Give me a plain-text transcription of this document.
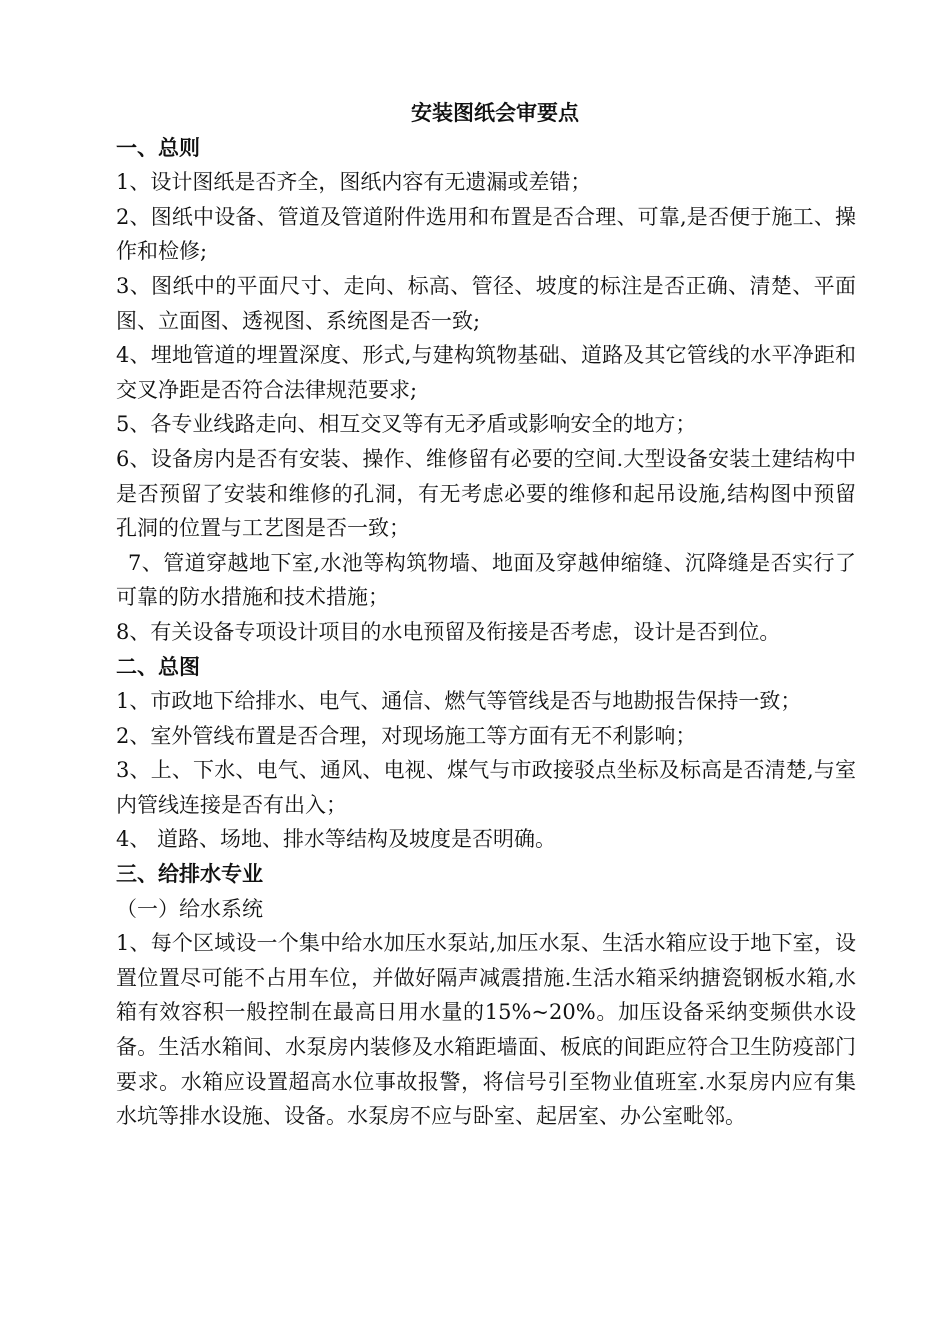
安装图纸会审要点
一、总则

1、设计图纸是否齐全，图纸内容有无遗漏或差错；

2、图纸中设备、管道及管道附件选用和布置是否合理、可靠,是否便于施工、操作和检修;

3、图纸中的平面尺寸、走向、标高、管径、坡度的标注是否正确、清楚、平面图、立面图、透视图、系统图是否一致;

4、埋地管道的埋置深度、形式,与建构筑物基础、道路及其它管线的水平净距和交叉净距是否符合法律规范要求;

5、各专业线路走向、相互交叉等有无矛盾或影响安全的地方；

6、设备房内是否有安装、操作、维修留有必要的空间.大型设备安装土建结构中是否预留了安装和维修的孔洞，有无考虑必要的维修和起吊设施,结构图中预留孔洞的位置与工艺图是否一致；

7、管道穿越地下室,水池等构筑物墙、地面及穿越伸缩缝、沉降缝是否实行了可靠的防水措施和技术措施；

8、有关设备专项设计项目的水电预留及衔接是否考虑，设计是否到位。

二、总图

1、市政地下给排水、电气、通信、燃气等管线是否与地勘报告保持一致；

2、室外管线布置是否合理，对现场施工等方面有无不利影响；

3、上、下水、电气、通风、电视、煤气与市政接驳点坐标及标高是否清楚,与室内管线连接是否有出入；

4、 道路、场地、排水等结构及坡度是否明确。

三、给排水专业
（一）给水系统

1、每个区域设一个集中给水加压水泵站,加压水泵、生活水箱应设于地下室，设置位置尽可能不占用车位，并做好隔声减震措施.生活水箱采纳搪瓷钢板水箱,水箱有效容积一般控制在最高日用水量的15%~20%。加压设备采纳变频供水设备。生活水箱间、水泵房内装修及水箱距墙面、板底的间距应符合卫生防疫部门要求。水箱应设置超高水位事故报警，将信号引至物业值班室.水泵房内应有集水坑等排水设施、设备。水泵房不应与卧室、起居室、办公室毗邻。
